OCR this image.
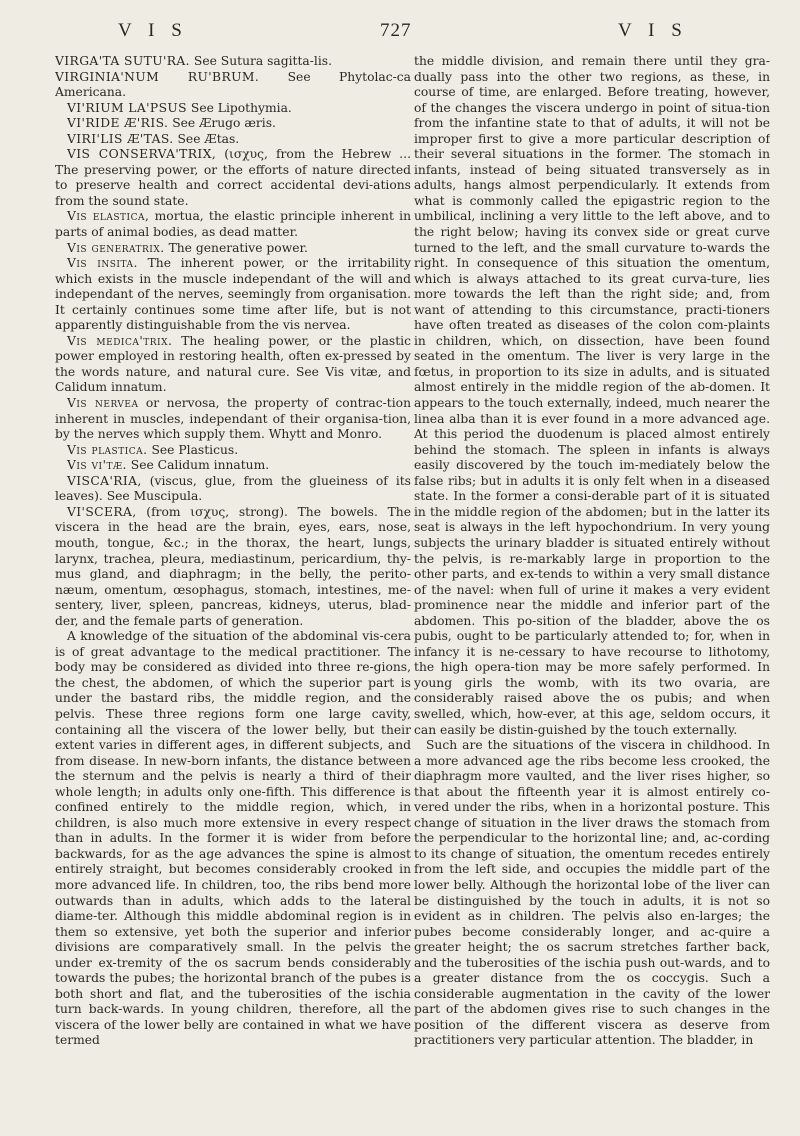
V I S	727	V I S

VIRGA'TA SUTU'RA. See Sutura sagitta-lis.

VIRGINIA'NUM RU'BRUM. See Phytolac-ca Americana.

VI'RIUM LA'PSUS See Lipothymia.

VI'RIDE Æ'RIS. See Ærugo æris.

VIRI'LIS Æ'TAS. See Ætas.

VIS CONSERVA'TRIX, (ισχυς, from the Hebrew ... The preserving power, or the efforts of nature directed to preserve health and correct accidental devi-ations from the sound state.

Vis elastica, mortua, the elastic principle inherent in parts of animal bodies, as dead matter.

Vis generatrix. The generative power.

Vis insita. The inherent power, or the irritability which exists in the muscle independant of the will and independant of the nerves, seemingly from organisation. It certainly continues some time after life, but is not apparently distinguishable from the vis nervea.

Vis medica'trix. The healing power, or the plastic power employed in restoring health, often ex-pressed by the words nature, and natural cure. See Vis vitæ, and Calidum innatum.

Vis nervea or nervosa, the property of contrac-tion inherent in muscles, independant of their organisa-tion, by the nerves which supply them. Whytt and Monro.

Vis plastica. See Plasticus.

Vis vi'tæ. See Calidum innatum.

VISCA'RIA, (viscus, glue, from the glueiness of its leaves). See Muscipula.

VI'SCERA, (from ισχυς, strong). The bowels. The viscera in the head are the brain, eyes, ears, nose, mouth, tongue, &c.; in the thorax, the heart, lungs, larynx, trachea, pleura, mediastinum, pericardium, thy-mus gland, and diaphragm; in the belly, the perito-næum, omentum, œsophagus, stomach, intestines, me-sentery, liver, spleen, pancreas, kidneys, uterus, blad-der, and the female parts of generation.

A knowledge of the situation of the abdominal vis-cera is of great advantage to the medical practitioner. The body may be considered as divided into three re-gions, the chest, the abdomen, of which the superior part is under the bastard ribs, the middle region, and the pelvis. These three regions form one large cavity, containing all the viscera of the lower belly, but their extent varies in different ages, in different subjects, and from disease. In new-born infants, the distance between the sternum and the pelvis is nearly a third of their whole length; in adults only one-fifth. This difference is confined entirely to the middle region, which, in children, is also much more extensive in every respect than in adults. In the former it is wider from before backwards, for as the age advances the spine is almost entirely straight, but becomes considerably crooked in more advanced life. In children, too, the ribs bend more outwards than in adults, which adds to the lateral diame-ter. Although this middle abdominal region is in them so extensive, yet both the superior and inferior divisions are comparatively small. In the pelvis the under ex-tremity of the os sacrum bends considerably towards the pubes; the horizontal branch of the pubes is both short and flat, and the tuberosities of the ischia turn back-wards. In young children, therefore, all the viscera of the lower belly are contained in what we have termed

the middle division, and remain there until they gra-dually pass into the other two regions, as these, in course of time, are enlarged. Before treating, however, of the changes the viscera undergo in point of situa-tion from the infantine state to that of adults, it will not be improper first to give a more particular description of their several situations in the former. The stomach in infants, instead of being situated transversely as in adults, hangs almost perpendicularly. It extends from what is commonly called the epigastric region to the umbilical, inclining a very little to the left above, and to the right below; having its convex side or great curve turned to the left, and the small curvature to-wards the right. In consequence of this situation the omentum, which is always attached to its great curva-ture, lies more towards the left than the right side; and, from want of attending to this circumstance, practi-tioners have often treated as diseases of the colon com-plaints in children, which, on dissection, have been found seated in the omentum. The liver is very large in the fœtus, in proportion to its size in adults, and is situated almost entirely in the middle region of the ab-domen. It appears to the touch externally, indeed, much nearer the linea alba than it is ever found in a more advanced age. At this period the duodenum is placed almost entirely behind the stomach. The spleen in infants is always easily discovered by the touch im-mediately below the false ribs; but in adults it is only felt when in a diseased state. In the former a consi-derable part of it is situated in the middle region of the abdomen; but in the latter its seat is always in the left hypochondrium. In very young subjects the urinary bladder is situated entirely without the pelvis, is re-markably large in proportion to the other parts, and ex-tends to within a very small distance of the navel: when full of urine it makes a very evident prominence near the middle and inferior part of the abdomen. This po-sition of the bladder, above the os pubis, ought to be particularly attended to; for, when in infancy it is ne-cessary to have recourse to lithotomy, the high opera-tion may be more safely performed. In young girls the womb, with its two ovaria, are considerably raised above the os pubis; and when swelled, which, how-ever, at this age, seldom occurs, it can easily be distin-guished by the touch externally.

Such are the situations of the viscera in childhood. In a more advanced age the ribs become less crooked, the diaphragm more vaulted, and the liver rises higher, so that about the fifteenth year it is almost entirely co-vered under the ribs, when in a horizontal posture. This change of situation in the liver draws the stomach from the perpendicular to the horizontal line; and, ac-cording to its change of situation, the omentum recedes entirely from the left side, and occupies the middle part of the lower belly. Although the horizontal lobe of the liver can be distinguished by the touch in adults, it is not so evident as in children. The pelvis also en-larges; the pubes become considerably longer, and ac-quire a greater height; the os sacrum stretches farther back, and the tuberosities of the ischia push out-wards, and to a greater distance from the os coccygis. Such a considerable augmentation in the cavity of the lower part of the abdomen gives rise to such changes in the position of the different viscera as deserve from practitioners very particular attention. The bladder, in
